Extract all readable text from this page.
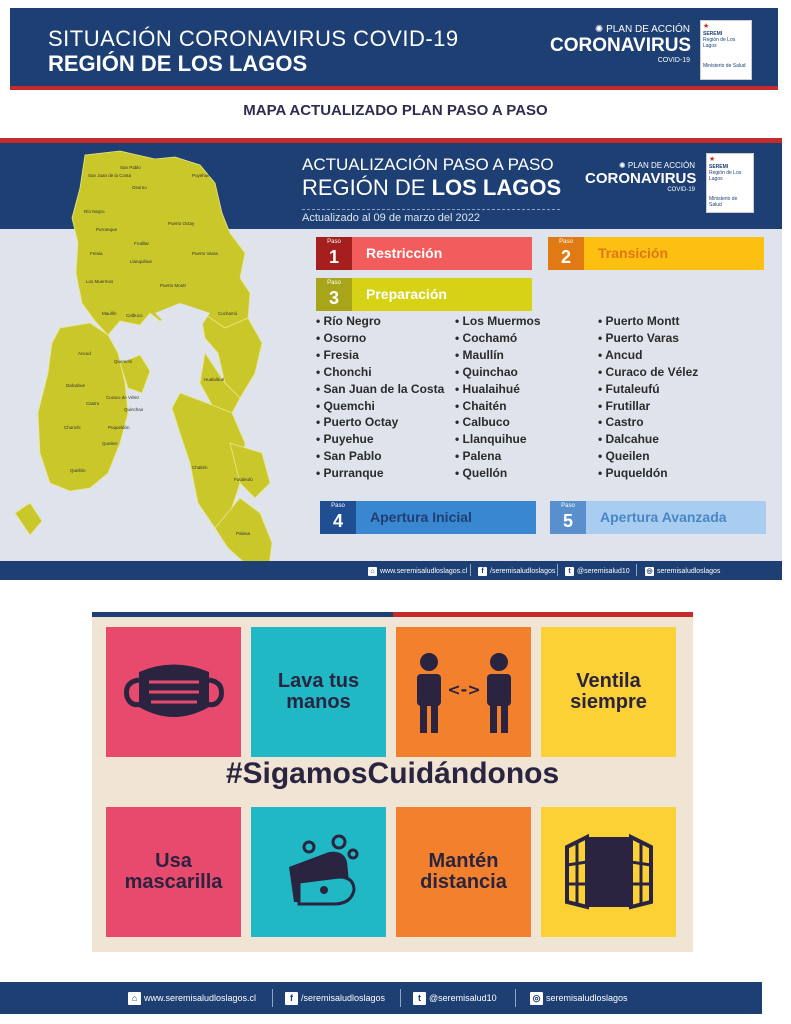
SITUACIÓN CORONAVIRUS COVID-19
REGIÓN DE LOS LAGOS
✺ PLAN DE ACCIÓN
CORONAVIRUS
COVID-19
★
SEREMI
Región de Los Lagos
Ministerio de Salud
MAPA ACTUALIZADO PLAN PASO A PASO
ACTUALIZACIÓN PASO A PASO
REGIÓN DE LOS LAGOS
Actualizado al 09 de marzo del 2022
✺ PLAN DE ACCIÓN
CORONAVIRUS
COVID-19
★
SEREMI
Región de Los Lagos
Ministerio de Salud
San Pablo
San Juan de la Costa
Osorno
Puyehue
Río Negro
Purranque
Puerto Octay
Frutillar
Fresia
Llanquihue
Puerto Varas
Los Muermos
Puerto Montt
Maullín Calbuco	Cochamó
Ancud
Quemchi
Hualaihué
Dalcahue
Curaco de Vélez
Castro
Quinchao
Chonchi	Puqueldón
Queilen
Quellón
Chaitén
Futaleufú
Palena
Paso
1	Restricción
Paso
2	Transición
Paso
3	Preparación
• Río Negro
• Osorno
• Fresia
• Chonchi
• San Juan de la Costa
• Quemchi
• Puerto Octay
• Puyehue
• San Pablo
• Purranque
• Los Muermos
• Cochamó
• Maullín
• Quinchao
• Hualaihué
• Chaitén
• Calbuco
• Llanquihue
• Palena
• Quellón
• Puerto Montt
• Puerto Varas
• Ancud
• Curaco de Vélez
• Futaleufú
• Frutillar
• Castro
• Dalcahue
• Queilen
• Puqueldón
Paso
4	Apertura Inicial
Paso
5	Apertura Avanzada
⌂ www.seremisaludloslagos.cl	f /seremisaludloslagos	t @seremisalud10 ◎ seremisaludloslagos
Lava tus
manos
<->	Ventila
siempre
#SigamosCuidándonos
Usa
mascarilla
Mantén
distancia
⌂ www.seremisaludloslagos.cl	f /seremisaludloslagos	t @seremisalud10	◎ seremisaludloslagos
